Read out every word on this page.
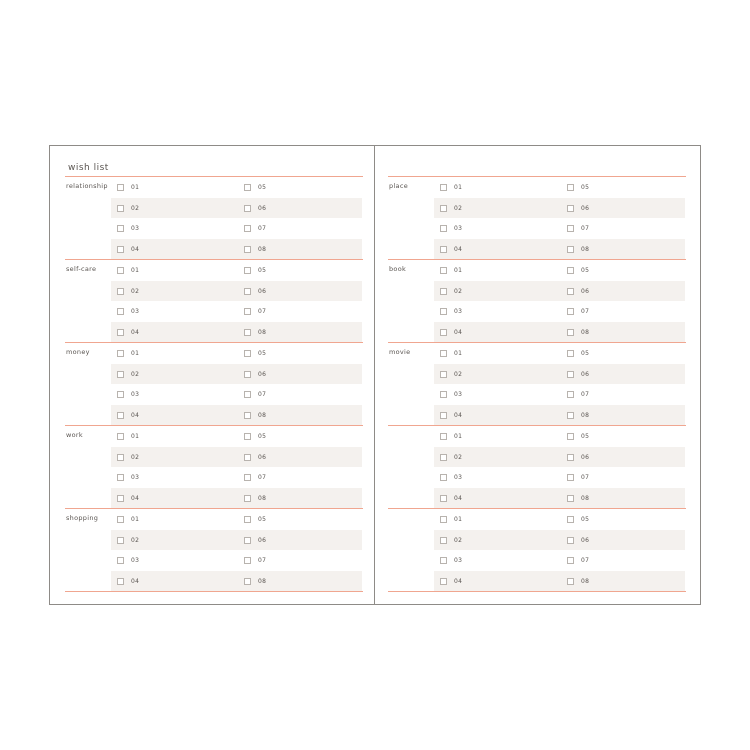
wish list
relationship	01	05
02	06
03	07
04	08
self-care	01	05
02	06
03	07
04	08
money	01	05
02	06
03	07
04	08
work	01	05
02	06
03	07
04	08
shopping	01	05
02	06
03	07
04	08
place	01	05
02	06
03	07
04	08
book	01	05
02	06
03	07
04	08
movie	01	05
02	06
03	07
04	08
01	05
02	06
03	07
04	08
01	05
02	06
03	07
04	08
